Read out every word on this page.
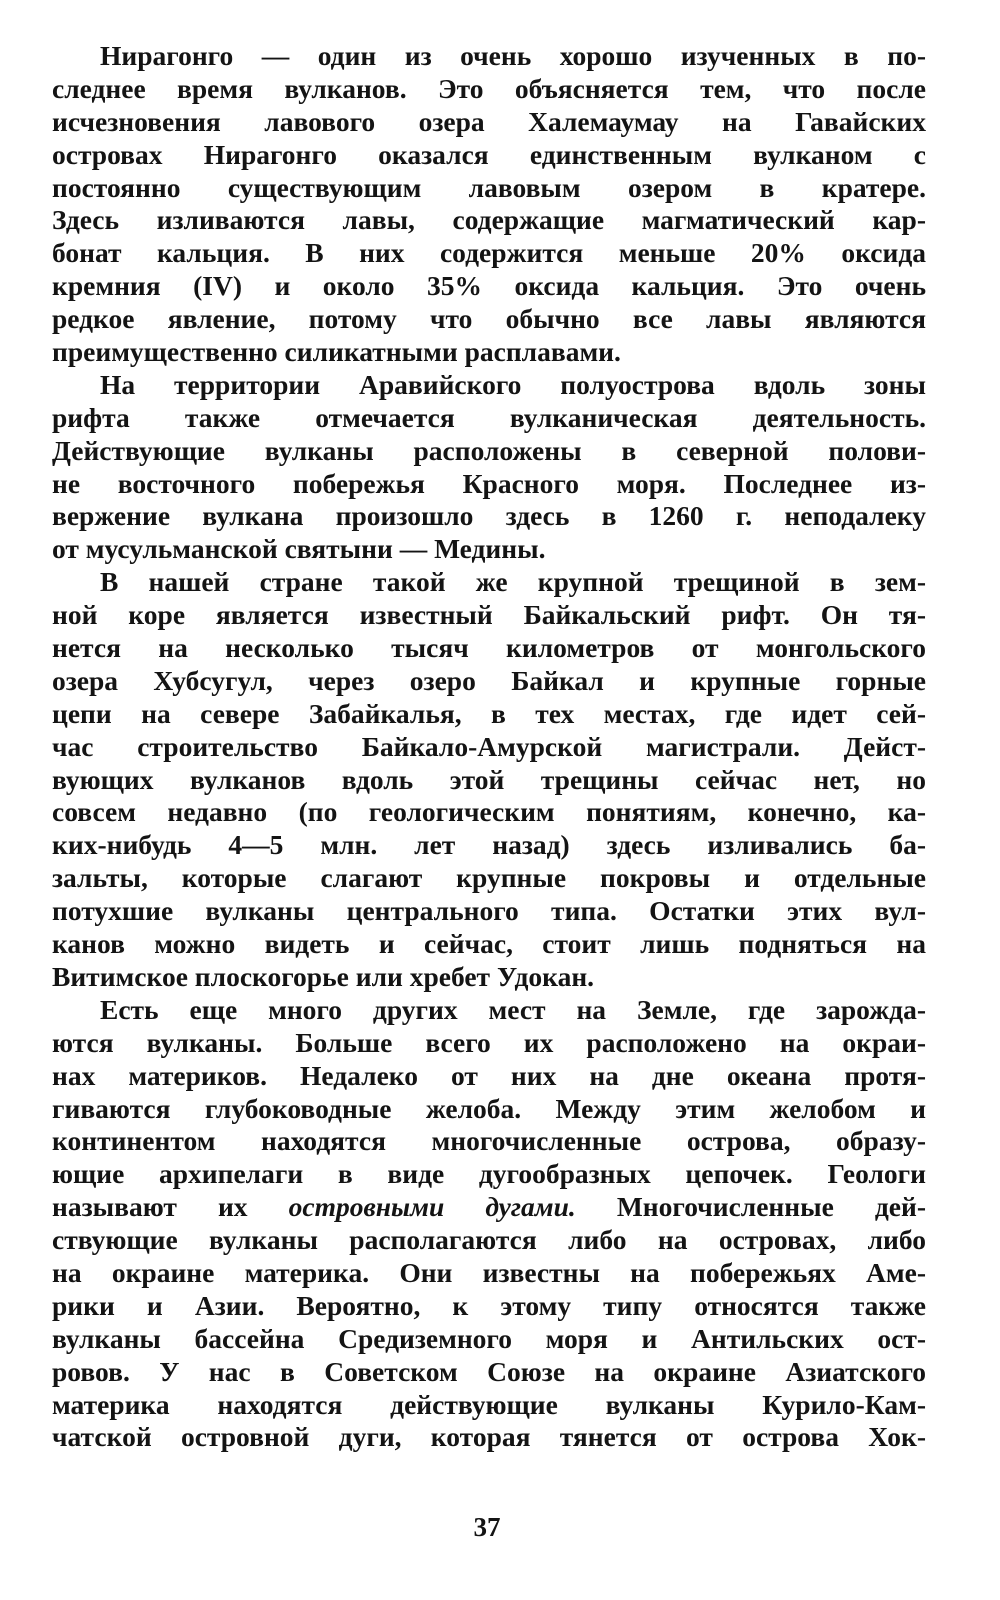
Нирагонго — один из очень хорошо изученных в по-
следнее время вулканов. Это объясняется тем, что после
исчезновения лавового озера Халемаумау на Гавайских
островах Нирагонго оказался единственным вулканом с
постоянно существующим лавовым озером в кратере.
Здесь изливаются лавы, содержащие магматический кар-
бонат кальция. В них содержится меньше 20% оксида
кремния (IV) и около 35% оксида кальция. Это очень
редкое явление, потому что обычно все лавы являются
преимущественно силикатными расплавами.
На территории Аравийского полуострова вдоль зоны
рифта также отмечается вулканическая деятельность.
Действующие вулканы расположены в северной полови-
не восточного побережья Красного моря. Последнее из-
вержение вулкана произошло здесь в 1260 г. неподалеку
от мусульманской святыни — Медины.
В нашей стране такой же крупной трещиной в зем-
ной коре является известный Байкальский рифт. Он тя-
нется на несколько тысяч километров от монгольского
озера Хубсугул, через озеро Байкал и крупные горные
цепи на севере Забайкалья, в тех местах, где идет сей-
час строительство Байкало-Амурской магистрали. Дейст-
вующих вулканов вдоль этой трещины сейчас нет, но
совсем недавно (по геологическим понятиям, конечно, ка-
ких-нибудь 4—5 млн. лет назад) здесь изливались ба-
зальты, которые слагают крупные покровы и отдельные
потухшие вулканы центрального типа. Остатки этих вул-
канов можно видеть и сейчас, стоит лишь подняться на
Витимское плоскогорье или хребет Удокан.
Есть еще много других мест на Земле, где зарожда-
ются вулканы. Больше всего их расположено на окраи-
нах материков. Недалеко от них на дне океана протя-
гиваются глубоководные желоба. Между этим желобом и
континентом находятся многочисленные острова, образу-
ющие архипелаги в виде дугообразных цепочек. Геологи
называют их островными дугами. Многочисленные дей-
ствующие вулканы располагаются либо на островах, либо
на окраине материка. Они известны на побережьях Аме-
рики и Азии. Вероятно, к этому типу относятся также
вулканы бассейна Средиземного моря и Антильских ост-
ровов. У нас в Советском Союзе на окраине Азиатского
материка находятся действующие вулканы Курило-Кам-
чатской островной дуги, которая тянется от острова Хок-
37
